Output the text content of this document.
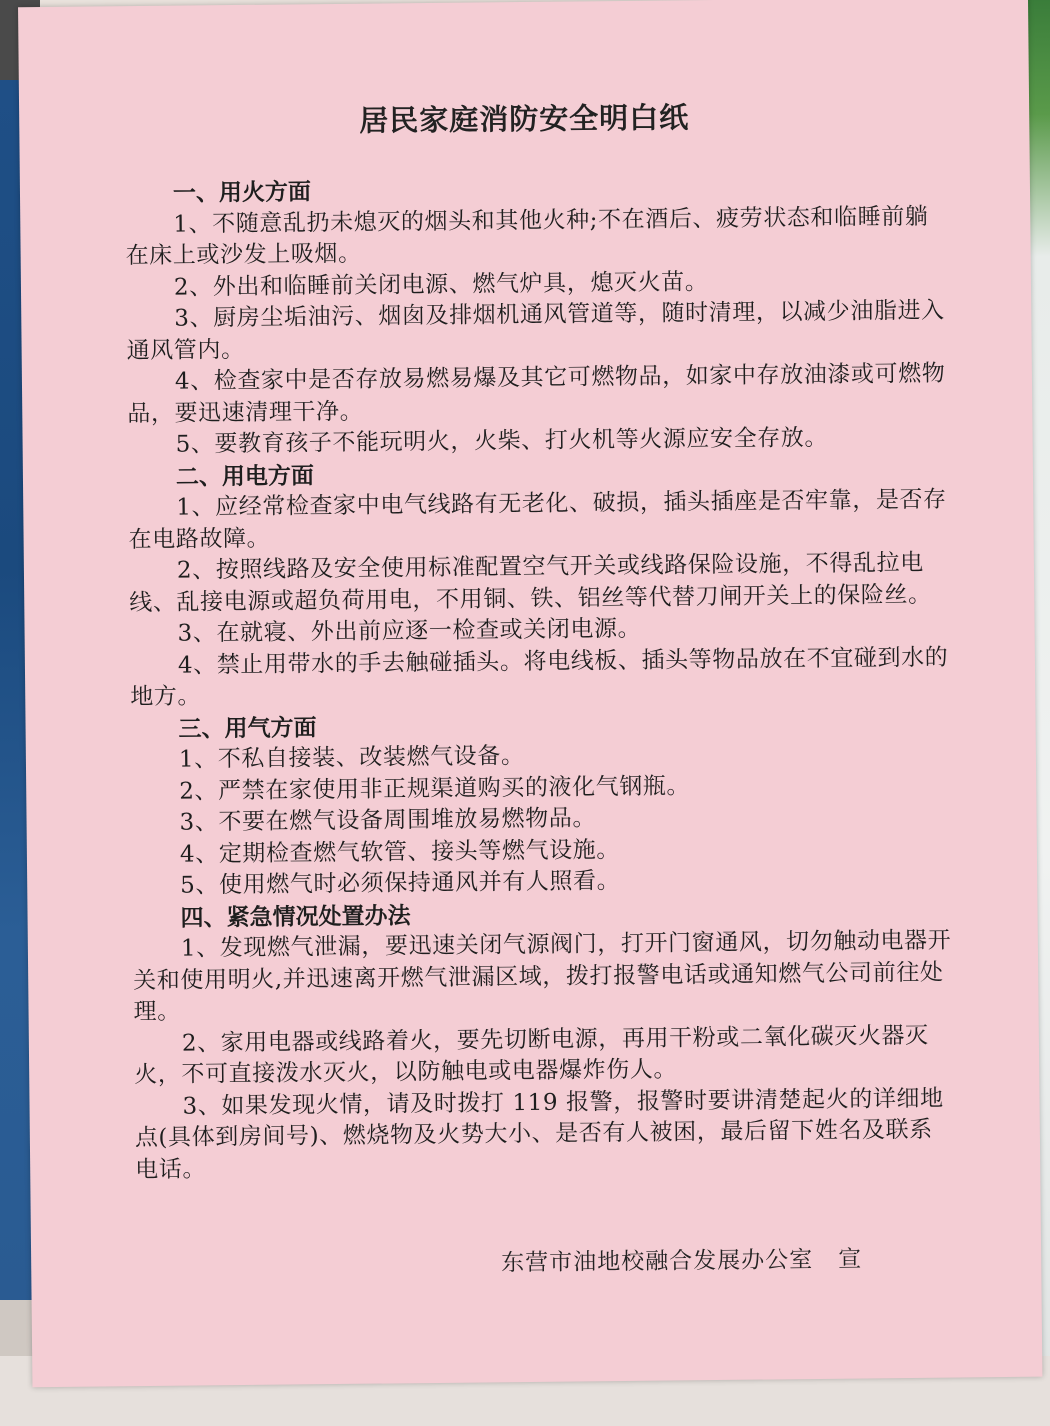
居民家庭消防安全明白纸

一、用火方面

1、不随意乱扔未熄灭的烟头和其他火种;不在酒后、疲劳状态和临睡前躺在床上或沙发上吸烟。

2、外出和临睡前关闭电源、燃气炉具，熄灭火苗。

3、厨房尘垢油污、烟囱及排烟机通风管道等，随时清理，以减少油脂进入通风管内。

4、检查家中是否存放易燃易爆及其它可燃物品，如家中存放油漆或可燃物品，要迅速清理干净。

5、要教育孩子不能玩明火，火柴、打火机等火源应安全存放。

二、用电方面

1、应经常检查家中电气线路有无老化、破损，插头插座是否牢靠，是否存在电路故障。

2、按照线路及安全使用标准配置空气开关或线路保险设施，不得乱拉电线、乱接电源或超负荷用电，不用铜、铁、铝丝等代替刀闸开关上的保险丝。

3、在就寝、外出前应逐一检查或关闭电源。

4、禁止用带水的手去触碰插头。将电线板、插头等物品放在不宜碰到水的地方。

三、用气方面

1、不私自接装、改装燃气设备。

2、严禁在家使用非正规渠道购买的液化气钢瓶。

3、不要在燃气设备周围堆放易燃物品。

4、定期检查燃气软管、接头等燃气设施。

5、使用燃气时必须保持通风并有人照看。

四、紧急情况处置办法

1、发现燃气泄漏，要迅速关闭气源阀门，打开门窗通风，切勿触动电器开关和使用明火,并迅速离开燃气泄漏区域，拨打报警电话或通知燃气公司前往处理。

2、家用电器或线路着火，要先切断电源，再用干粉或二氧化碳灭火器灭火，不可直接泼水灭火，以防触电或电器爆炸伤人。

3、如果发现火情，请及时拨打 119 报警，报警时要讲清楚起火的详细地点(具体到房间号)、燃烧物及火势大小、是否有人被困，最后留下姓名及联系电话。

东营市油地校融合发展办公室   宣
